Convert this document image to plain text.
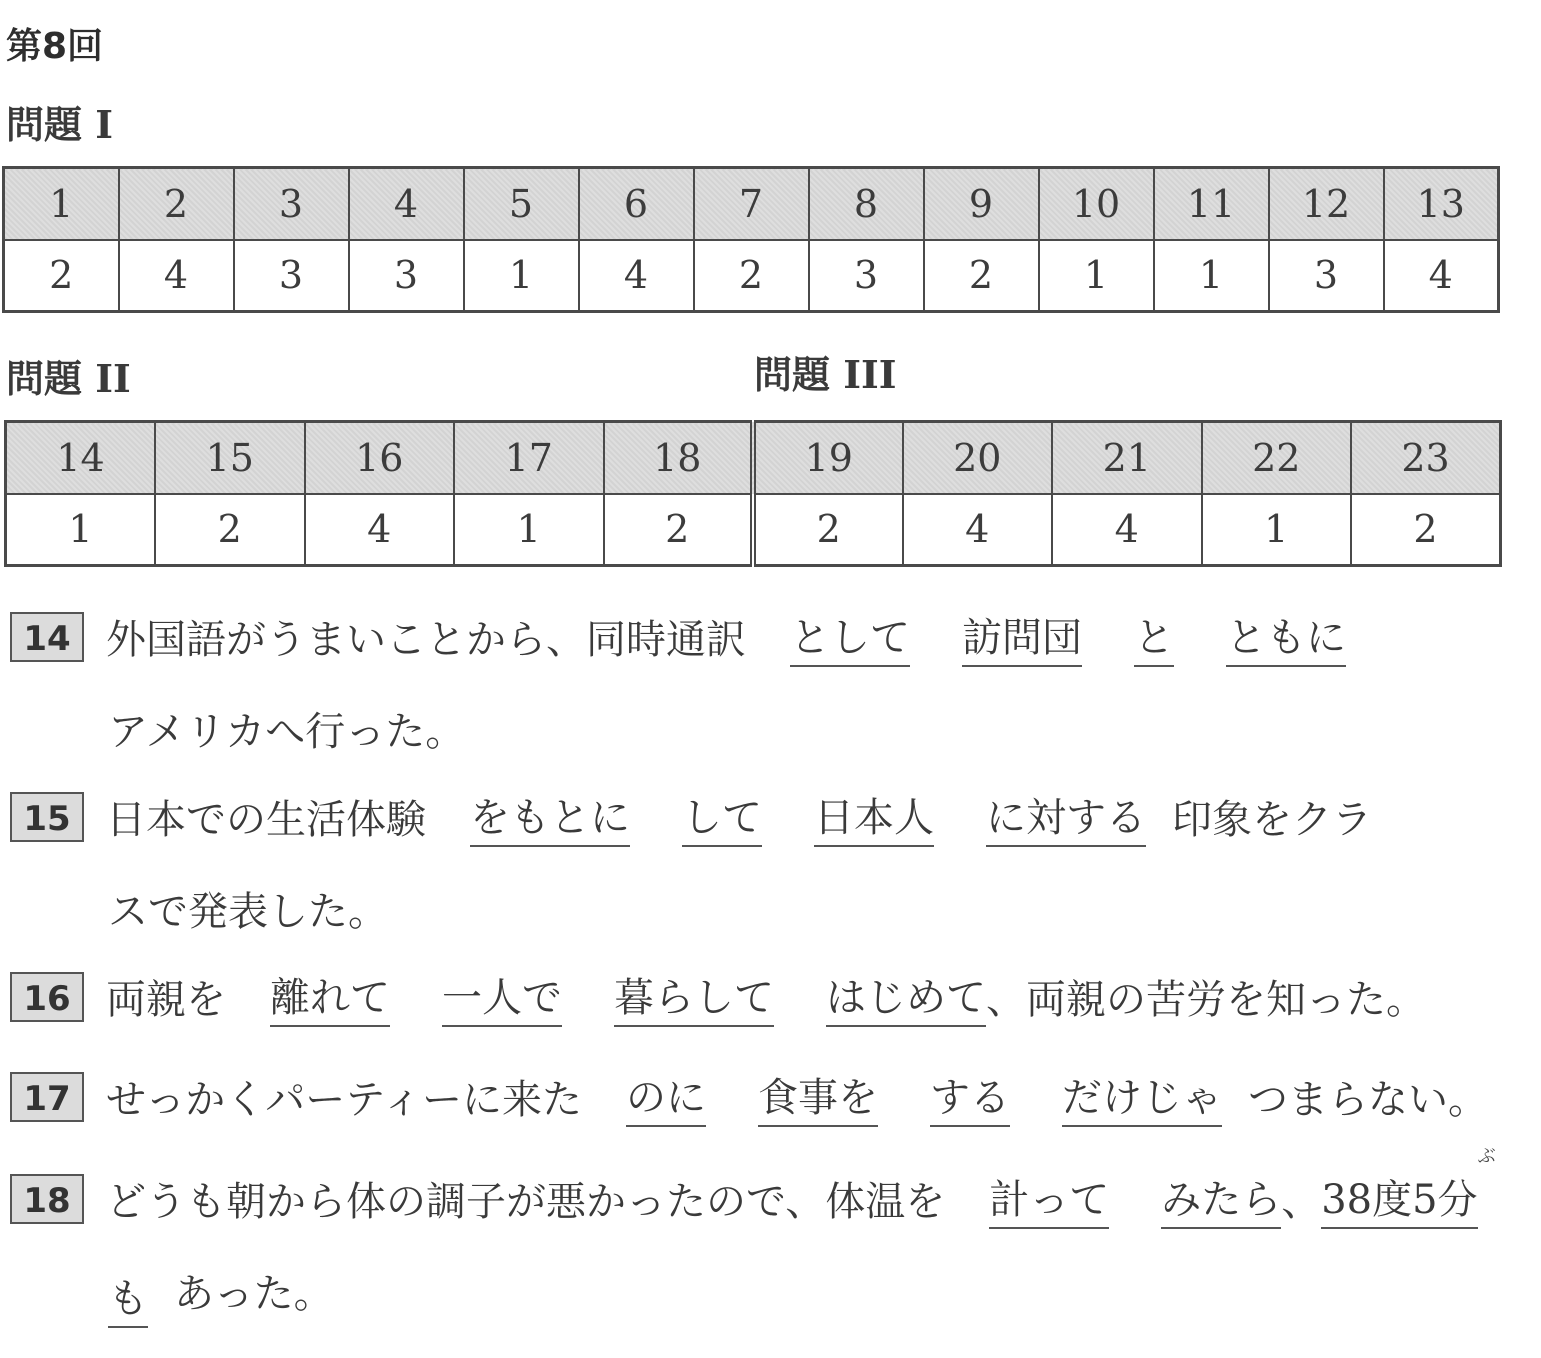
第8回
問題 I
1	2	3	4	5	6	7	8	9	10	11	12	13
2	4	3	3	1	4	2	3	2	1	1	3	4
問題 II	問題 III
14	15	16	17	18	19	20	21	22	23
1	2	4	1	2	2	4	4	1	2
14 外国語がうまいことから、同時通訳 として 訪問団 と ともに
アメリカへ行った。
15 日本での生活体験 をもとに して 日本人 に対する 印象をクラ
スで発表した。
16 両親を 離れて 一人で 暮らして はじめて、両親の苦労を知った。
17 せっかくパーティーに来た のに 食事を する だけじゃ つまらない。
18 どうも朝から体の調子が悪かったので、体温を 計って みたら、
ぶ
38度5分
も あった。
